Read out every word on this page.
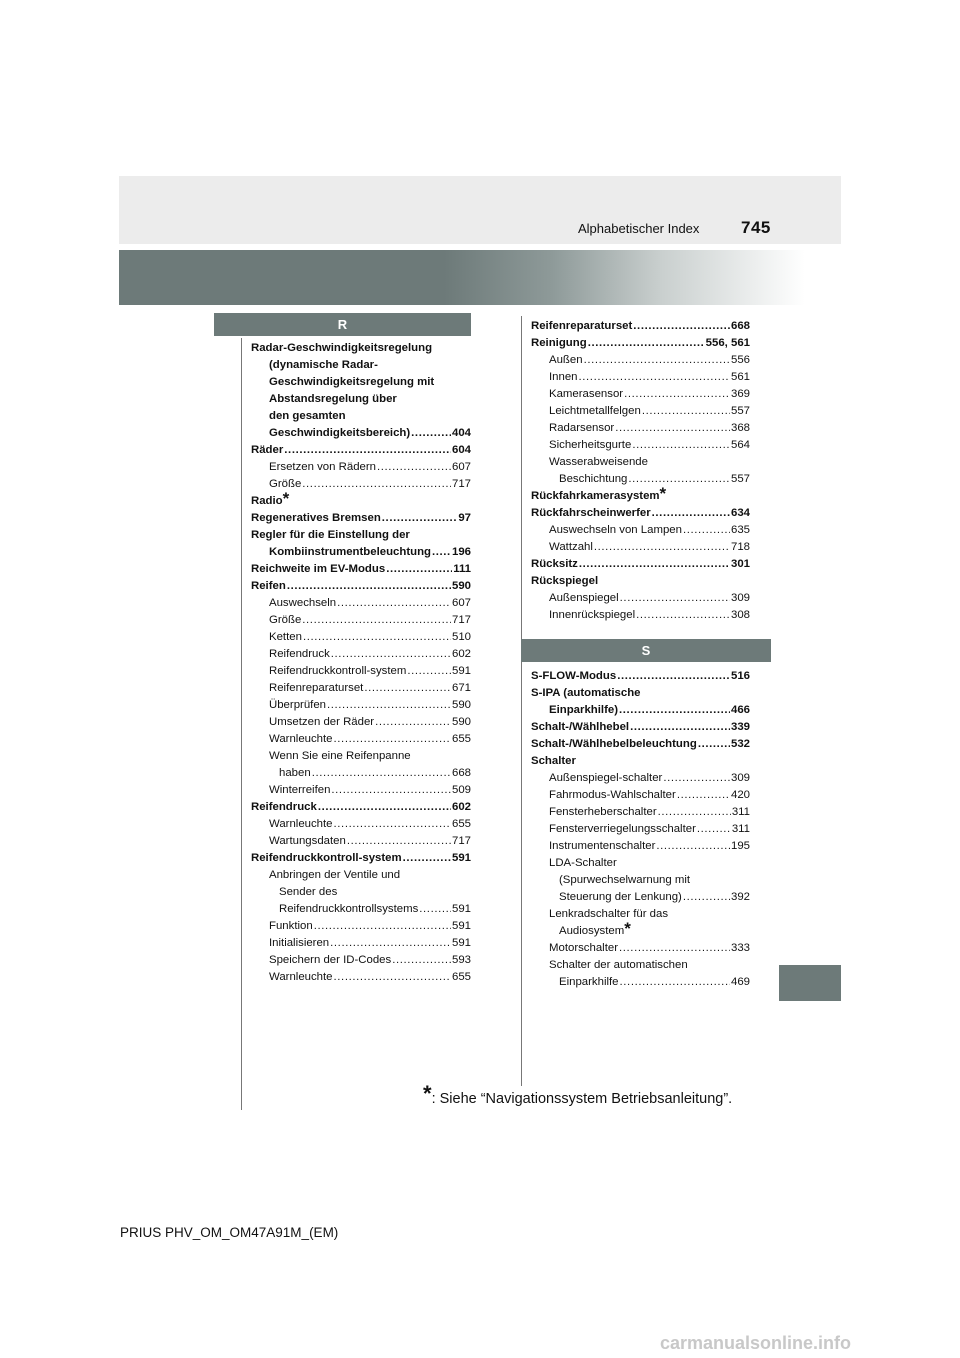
Alphabetischer Index 745
R
S
Radar-Geschwindigkeitsregelung
(dynamische Radar-
Geschwindigkeitsregelung mit
Abstandsregelung über
den gesamten
Geschwindigkeitsbereich) .....	404
Räder .....	604
Ersetzen von Rädern .....	607
Größe .....	717
Radio *
Regeneratives Bremsen .....	97
Regler für die Einstellung der
Kombiinstrumentbeleuchtung ..... 196
Reichweite im EV-Modus .....	111
Reifen .....	590
Auswechseln .....	607
Größe .....	717
Ketten .....	510
Reifendruck .....	602
Reifendruckkontroll-system .....	591
Reifenreparaturset .....	671
Überprüfen .....	590
Umsetzen der Räder .....	590
Warnleuchte .....	655
Wenn Sie eine Reifenpanne
haben .....	668
Winterreifen .....	509
Reifendruck .....	602
Warnleuchte .....	655
Wartungsdaten .....	717
Reifendruckkontroll-system .....	591
Anbringen der Ventile und
Sender des
Reifendruckkontrollsystems .....	591
Funktion .....	591
Initialisieren .....	591
Speichern der ID-Codes .....	593
Warnleuchte .....	655
Reifenreparaturset .....	668
Reinigung .....	556, 561
Außen .....	556
Innen .....	561
Kamerasensor .....	369
Leichtmetallfelgen .....	557
Radarsensor .....	368
Sicherheitsgurte .....	564
Wasserabweisende
Beschichtung .....	557
Rückfahrkamerasystem *
Rückfahrscheinwerfer .....	634
Auswechseln von Lampen .....	635
Wattzahl .....	718
Rücksitz .....	301
Rückspiegel
Außenspiegel .....	309
Innenrückspiegel .....	308
S-FLOW-Modus .....	516
S-IPA (automatische
Einparkhilfe) .....	466
Schalt-/Wählhebel .....	339
Schalt-/Wählhebelbeleuchtung .....	532
Schalter
Außenspiegel-schalter .....	309
Fahrmodus-Wahlschalter .....	420
Fensterheberschalter .....	311
Fensterverriegelungsschalter .....	311
Instrumentenschalter .....	195
LDA-Schalter
(Spurwechselwarnung mit
Steuerung der Lenkung) .....	392
Lenkradschalter für das
Audiosystem *
Motorschalter .....	333
Schalter der automatischen
Einparkhilfe .....	469
*: Siehe “Navigationssystem Betriebsanleitung”.
PRIUS PHV_OM_OM47A91M_(EM)
carmanualsonline.info
